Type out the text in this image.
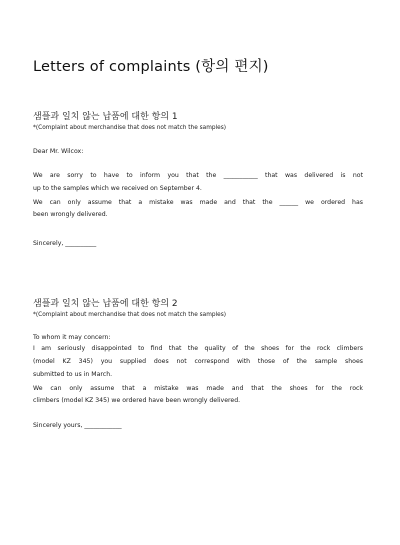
Letters of complaints (항의 편지)

샘플과 일치 않는 납품에 대한 항의 1

*(Complaint about merchandise that does not match the samples)

Dear Mr. Wilcox:

We are sorry to have to inform you that the ___________ that was delivered is not
up to the samples which we received on September 4.

We can only assume that a mistake was made and that the ______ we ordered has
been wrongly delivered.

Sincerely, __________

샘플과 일치 않는 납품에 대한 항의 2

*(Complaint about merchandise that does not match the samples)

To whom it may concern:

I am seriously disappointed to find that the quality of the shoes for the rock climbers
(model KZ 345) you supplied does not correspond with those of the sample shoes
submitted to us in March.

We can only assume that a mistake was made and that the shoes for the rock
climbers (model KZ 345) we ordered have been wrongly delivered.

Sincerely yours, ____________
